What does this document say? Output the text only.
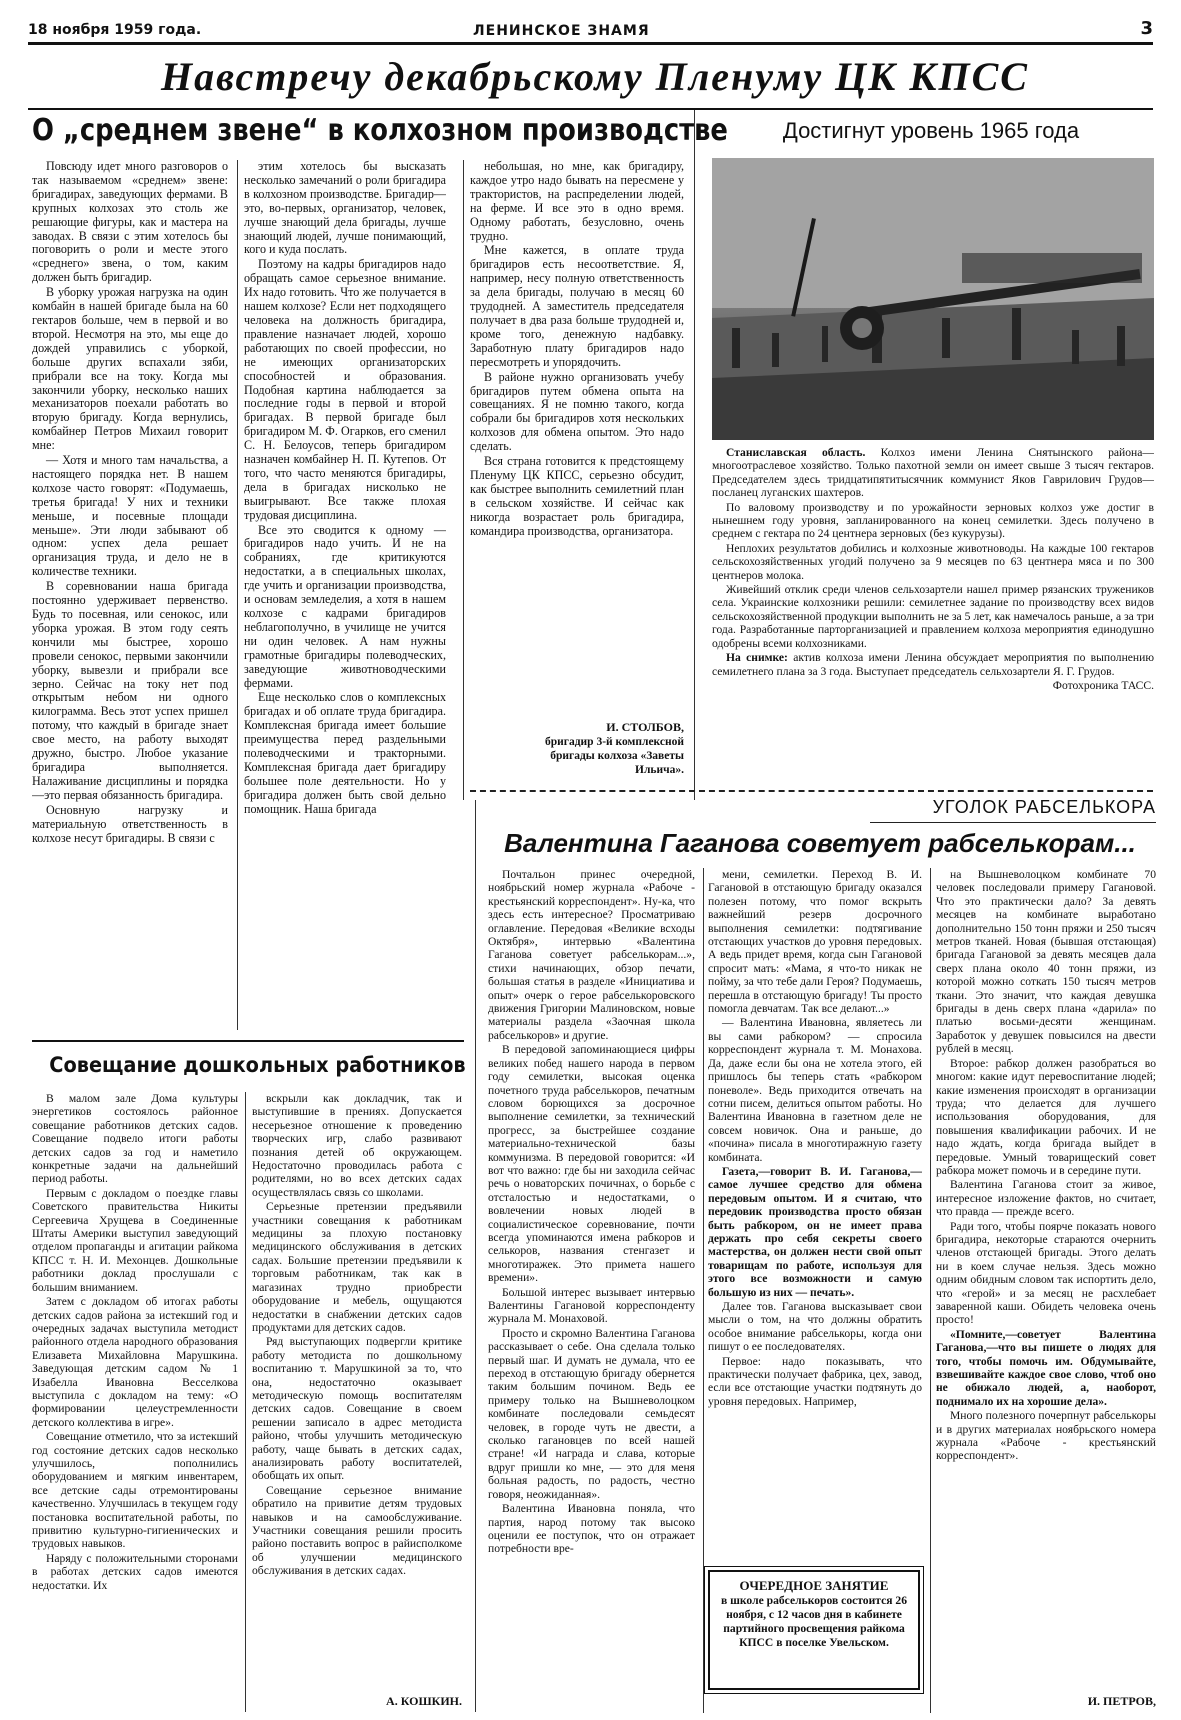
18 ноября 1959 года.	ЛЕНИНСКОЕ ЗНАМЯ	3
Навстречу декабрьскому Пленуму ЦК КПСС
О „среднем звене“ в колхозном производстве

Повсюду идет много разговоров о так называемом «среднем» звене: бригадирах, заведующих фермами. В крупных колхозах это столь же решающие фигуры, как и мастера на заводах. В связи с этим хотелось бы поговорить о роли и месте этого «среднего» звена, о том, каким должен быть бригадир.

В уборку урожая нагрузка на один комбайн в нашей бригаде была на 60 гектаров больше, чем в первой и во второй. Несмотря на это, мы еще до дождей управились с уборкой, больше других вспахали зяби, прибрали все на току. Когда мы закончили уборку, несколько наших механизаторов поехали работать во вторую бригаду. Когда вернулись, комбайнер Петров Михаил говорит мне:

— Хотя и много там начальства, а настоящего порядка нет. В нашем колхозе часто говорят: «Подумаешь, третья бригада! У них и техники меньше, и посевные площади меньше». Эти люди забывают об одном: успех дела решает организация труда, и дело не в количестве техники.

В соревновании наша бригада постоянно удерживает первенство. Будь то посевная, или сенокос, или уборка урожая. В этом году сеять кончили мы быстрее, хорошо провели сенокос, первыми закончили уборку, вывезли и прибрали все зерно. Сейчас на току нет под открытым небом ни одного килограмма. Весь этот успех пришел потому, что каждый в бригаде знает свое место, на работу выходят дружно, быстро. Любое указание бригадира выполняется. Налаживание дисциплины и порядка—это первая обязанность бригадира.

Основную нагрузку и материальную ответственность в колхозе несут бригадиры. В связи с

этим хотелось бы высказать несколько замечаний о роли бригадира в колхозном производстве. Бригадир—это, во-первых, организатор, человек, лучше знающий дела бригады, лучше знающий людей, лучше понимающий, кого и куда послать.

Поэтому на кадры бригадиров надо обращать самое серьезное внимание. Их надо готовить. Что же получается в нашем колхозе? Если нет подходящего человека на должность бригадира, правление назначает людей, хорошо работающих по своей профессии, но не имеющих организаторских способностей и образования. Подобная картина наблюдается за последние годы в первой и второй бригадах. В первой бригаде был бригадиром М. Ф. Огарков, его сменил С. Н. Белоусов, теперь бригадиром назначен комбайнер Н. П. Кутепов. От того, что часто меняются бригадиры, дела в бригадах нисколько не выигрывают. Все также плохая трудовая дисциплина.

Все это сводится к одному — бригадиров надо учить. И не на собраниях, где критикуются недостатки, а в специальных школах, где учить и организации производства, и основам земледелия, а хотя в нашем колхозе с кадрами бригадиров неблагополучно, в училище не учится ни один человек. А нам нужны грамотные бригадиры полеводческих, заведующие животноводческими фермами.

Еще несколько слов о комплексных бригадах и об оплате труда бригадира. Комплексная бригада имеет большие преимущества перед раздельными полеводческими и тракторными. Комплексная бригада дает бригадиру большее поле деятельности. Но у бригадира должен быть свой дельно помощник. Наша бригада

небольшая, но мне, как бригадиру, каждое утро надо бывать на пересмене у трактористов, на распределении людей, на ферме. И все это в одно время. Одному работать, безусловно, очень трудно.

Мне кажется, в оплате труда бригадиров есть несоответствие. Я, например, несу полную ответственность за дела бригады, получаю в месяц 60 трудодней. А заместитель председателя получает в два раза больше трудодней и, кроме того, денежную надбавку. Заработную плату бригадиров надо пересмотреть и упорядочить.

В районе нужно организовать учебу бригадиров путем обмена опыта на совещаниях. Я не помню такого, когда собрали бы бригадиров хотя нескольких колхозов для обмена опытом. Это надо сделать.

Вся страна готовится к предстоящему Пленуму ЦК КПСС, серьезно обсудит, как быстрее выполнить семилетний план в сельском хозяйстве. И сейчас как никогда возрастает роль бригадира, командира производства, организатора.

И. СТОЛБОВ,
бригадир 3-й комплексной бригады колхоза «Заветы Ильича».
Достигнут уровень 1965 года

Станиславская область. Колхоз имени Ленина Снятынского района—многоотраслевое хозяйство. Только пахотной земли он имеет свыше 3 тысяч гектаров. Председателем здесь тридцатипятитысячник коммунист Яков Гаврилович Грудов— посланец луганских шахтеров.

По валовому производству и по урожайности зерновых колхоз уже достиг в нынешнем году уровня, запланированного на конец семилетки. Здесь получено в среднем с гектара по 24 центнера зерновых (без кукурузы).

Неплохих результатов добились и колхозные животноводы. На каждые 100 гектаров сельскохозяйственных угодий получено за 9 месяцев по 63 центнера мяса и по 300 центнеров молока.

Живейший отклик среди членов сельхозартели нашел пример рязанских тружеников села. Украинские колхозники решили: семилетнее задание по производству всех видов сельскохозяйственной продукции выполнить не за 5 лет, как намечалось раньше, а за три года. Разработанные парторганизацией и правлением колхоза мероприятия единодушно одобрены всеми колхозниками.

На снимке: актив колхоза имени Ленина обсуждает мероприятия по выполнению семилетнего плана за 3 года. Выступает председатель сельхозартели Я. Г. Грудов.

Фотохроника ТАСС.
УГОЛОК РАБСЕЛЬКОРА
Валентина Гаганова советует рабселькорам...

Почтальон принес очередной, ноябрьский номер журнала «Рабоче - крестьянский корреспондент». Ну-ка, что здесь есть интересное? Просматриваю оглавление. Передовая «Великие всходы Октября», интервью «Валентина Гаганова советует рабселькорам...», стихи начинающих, обзор печати, большая статья в разделе «Инициатива и опыт» очерк о герое рабселькоровского движения Григории Малиновском, новые материалы раздела «Заочная школа рабселькоров» и другие.

В передовой запоминающиеся цифры великих побед нашего народа в первом году семилетки, высокая оценка почетного труда рабселькоров, печатным словом борющихся за досрочное выполнение семилетки, за технический прогресс, за быстрейшее создание материально-технической базы коммунизма. В передовой говорится: «И вот что важно: где бы ни заходила сейчас речь о новаторских почичнах, о борьбе с отсталостью и недостатками, о вовлечении новых людей в социалистическое соревнование, почти всегда упоминаются имена рабкоров и селькоров, названия стенгазет и многотиражек. Это примета нашего времени».

Большой интерес вызывает интервью Валентины Гагановой корреспонденту журнала М. Монаховой.

Просто и скромно Валентина Гаганова рассказывает о себе. Она сделала только первый шаг. И думать не думала, что ее переход в отстающую бригаду обернется таким большим почином. Ведь ее примеру только на Вышневолоцком комбинате последовали семьдесят человек, в городе чуть не двести, а сколько гагановцев по всей нашей стране! «И награда и слава, которые вдруг пришли ко мне, — это для меня больная радость, по радость, честно говоря, неожиданная».

Валентина Ивановна поняла, что партия, народ потому так высоко оценили ее поступок, что он отражает потребности вре-

мени, семилетки. Переход В. И. Гагановой в отстающую бригаду оказался полезен потому, что помог вскрыть важнейший резерв досрочного выполнения семилетки: подтягивание отстающих участков до уровня передовых. А ведь придет время, когда сын Гагановой спросит мать: «Мама, я что-то никак не пойму, за что тебе дали Героя? Подумаешь, перешла в отстающую бригаду! Ты просто помогла девчатам. Так все делают...»

— Валентина Ивановна, являетесь ли вы сами рабкором? — спросила корреспондент журнала т. М. Монахова. Да, даже если бы она не хотела этого, ей пришлось бы теперь стать «рабкором поневоле». Ведь приходится отвечать на сотни писем, делиться опытом работы. Но Валентина Ивановна в газетном деле не совсем новичок. Она и раньше, до «почина» писала в многотиражную газету комбината.

Газета,—говорит В. И. Гаганова,—самое лучшее средство для обмена передовым опытом. И я считаю, что передовик производства просто обязан быть рабкором, он не имеет права держать про себя секреты своего мастерства, он должен нести свой опыт товарищам по работе, используя для этого все возможности и самую большую из них — печать».

Далее тов. Гаганова высказывает свои мысли о том, на что должны обратить особое внимание рабселькоры, когда они пишут о ее последователях.

Первое: надо показывать, что практически получает фабрика, цех, завод, если все отстающие участки подтянуть до уровня передовых. Например,

ОЧЕРЕДНОЕ ЗАНЯТИЕ
в школе рабселькоров состоится 26 ноября, с 12 часов дня в кабинете партийного просвещения райкома КПСС в поселке Увельском.

на Вышневолоцком комбинате 70 человек последовали примеру Гагановой. Что это практически дало? За девять месяцев на комбинате выработано дополнительно 150 тонн пряжи и 250 тысяч метров тканей. Новая (бывшая отстающая) бригада Гагановой за девять месяцев дала сверх плана около 40 тонн пряжи, из которой можно соткать 150 тысяч метров ткани. Это значит, что каждая девушка бригады в день сверх плана «дарила» по платью восьми-десяти женщинам. Заработок у девушек повысился на двести рублей в месяц.

Второе: рабкор должен разобраться во многом: какие идут перевоспитание людей; какие изменения происходят в организации труда; что делается для лучшего использования оборудования, для повышения квалификации рабочих. И не надо ждать, когда бригада выйдет в передовые. Умный товарищеский совет рабкора может помочь и в середине пути.

Валентина Гаганова стоит за живое, интересное изложение фактов, но считает, что правда — прежде всего.

Ради того, чтобы поярче показать нового бригадира, некоторые стараются очернить членов отстающей бригады. Этого делать ни в коем случае нельзя. Здесь можно одним обидным словом так испортить дело, что «герой» и за месяц не расхлебает заваренной каши. Обидеть человека очень просто!

«Помните,—советует Валентина Гаганова,—что вы пишете о людях для того, чтобы помочь им. Обдумывайте, взвешивайте каждое свое слово, чтоб оно не обижало людей, а, наоборот, поднимало их на хорошие дела».

Много полезного почерпнут рабселькоры и в других материалах ноябрьского номера журнала «Рабоче - крестьянский корреспондент».

И. ПЕТРОВ,
Совещание дошкольных работников

В малом зале Дома культуры энергетиков состоялось районное совещание работников детских садов. Совещание подвело итоги работы детских садов за год и наметило конкретные задачи на дальнейший период работы.

Первым с докладом о поездке главы Советского правительства Никиты Сергеевича Хрущева в Соединенные Штаты Америки выступил заведующий отделом пропаганды и агитации райкома КПСС т. Н. И. Мехонцев. Дошкольные работники доклад прослушали с большим вниманием.

Затем с докладом об итогах работы детских садов района за истекший год и очередных задачах выступила методист районного отдела народного образования Елизавета Михайловна Марушкина. Заведующая детским садом № 1 Изабелла Ивановна Весселкова выступила с докладом на тему: «О формировании целеустремленности детского коллектива в игре».

Совещание отметило, что за истекший год состояние детских садов несколько улучшилось, пополнились оборудованием и мягким инвентарем, все детские сады отремонтированы качественно. Улучшилась в текущем году постановка воспитательной работы, по привитию культурно-гигиенических и трудовых навыков.

Наряду с положительными сторонами в работах детских садов имеются недостатки. Их

вскрыли как докладчик, так и выступившие в прениях. Допускается несерьезное отношение к проведению творческих игр, слабо развивают познания детей об окружающем. Недостаточно проводилась работа с родителями, но во всех детских садах осуществлялась связь со школами.

Серьезные претензии предъявили участники совещания к работникам медицины за плохую постановку медицинского обслуживания в детских садах. Большие претензии предъявили к торговым работникам, так как в магазинах трудно приобрести оборудование и мебель, ощущаются недостатки в снабжении детских садов продуктами для детских садов.

Ряд выступающих подвергли критике работу методиста по дошкольному воспитанию т. Марушкиной за то, что она, недостаточно оказывает методическую помощь воспитателям детских садов. Совещание в своем решении записало в адрес методиста районо, чтобы улучшить методическую работу, чаще бывать в детских садах, анализировать работу воспитателей, обобщать их опыт.

Совещание серьезное внимание обратило на привитие детям трудовых навыков и на самообслуживание. Участники совещания решили просить районо поставить вопрос в райисполкоме об улучшении медицинского обслуживания в детских садах.

А. КОШКИН.
